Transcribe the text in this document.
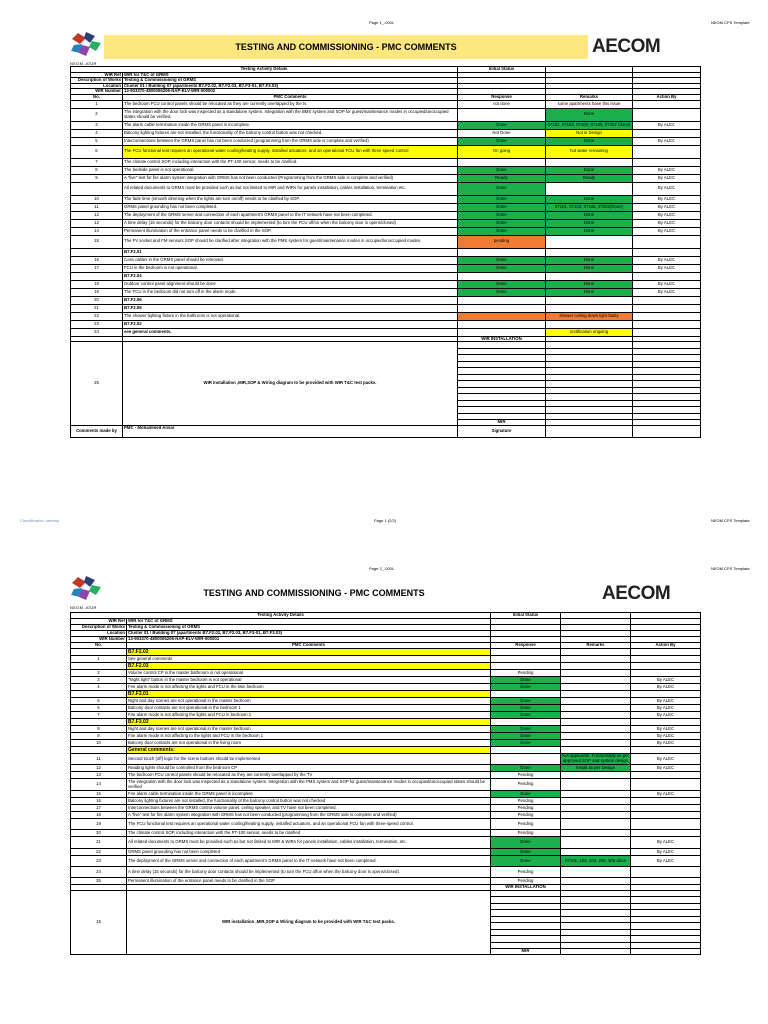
Page 1_-000L	NEOM CPS Template
NEOM JOUR
TESTING AND COMMISSIONING - PMC COMMENTS	AECOM
Testing Activity Details		Initial Status		
WIR Ref	WIR for T&C of GRMS			
Description of Works	Testing & Commissioning of GRMS			
Location	Cluster 01 / Building 07 (apartments B7.F2.02, B7.F2.03, B7.F3-01, B7.F3.03)			
WIR Number	13-903370-4800006206-NAP-ELV-WIR-000002			
No.	PMC Comments	Response	Remarks	Action By
1	The bedroom FCU control panels should be relocated as they are currently overlapped by the tv.	not done	some apartments have this issue	
2	The integration with the door lock was inspected as a standalone system. Integration with the BMS system and SOP for guest/maintenance modes in occupied/unoccupied states should be verified.		Done	
3	The alarm cable termination inside the GRMS panel is incomplete.	Done	07102, 07103, 07104, 07105, 07202 (done)	By ALEC
4	Balcony lighting fixtures are not installed, the functionality of the balcony control button was not checked.	Not Done	Not in Design	
5	Interconnections between the GRMS panel has not been conducted (programming from the GRMS side is complete and verified)	Done	Done	By ALEC
6	The FCU functional test requires an operational water cooling/heating supply, installed actuators, and an operational FCU fan with three speed control	On going	hot water remaining	
7	The climate control SOP, including interaction with the PT-100 sensor, needs to be clarified.			
8	The bedside panel is not operational.	Done	Done	By ALEC
9	A "live" test for fire alarm system integration with GRMS has not been conducted (Programming from the GRMS side is complete and verified)	Ready	Ready	By ALEC
	All related documents to GRMS must be provided such as but not limited to MIR and WIRs for panels installation, cables installation, termination etc.	Done		By ALEC
10	The fade time (smooth dimming when the lights are turn on/off) needs to be clarified by SOP.	Done	Done	By ALEC
11	GRMS panel grounding has not been completed.	Done	07101, 07104, 07105, 07202(Done)	By ALEC
12	The deployment of the GRMS server and connection of each apartment's GRMS panel to the IT network have not been completed.	Done	Done	By ALEC
13	A time delay (15 seconds) for the balcony door contacts should be implemented (to turn the FCU off/on when the balcony door is opens/closed)	Done	Done	By ALEC
14	Permanent illumination of the entrance panel needs to be clarified in the SOP.	Done	Done	By ALEC
15	The FV socket and FM sensors SOP should be clarified after integration with the PMS system for guest/maintenance modes in occupied/unoccupied modes.	pending		
	B7.F2.01			
16	Coss cables in the GRMS panel should be removed.	Done	Done	By ALEC
17	FCU in the bedroom is not operational.	Done	Done	By ALEC
	B7.F2.04			
18	Outdoor control panel alignment should be done	Done	Done	By ALEC
19	The FCU in the bedroom did not turn off in the alarm mode.	Done	Done	By ALEC
20	B7.F2.06			
21	B7.F2.05			
22	The shower lighting fixture in the bathroom is not operational.		shower ceiling down light faulty	
23	B7.F2.02			
24	see general comments.		rectification ongoing	
		WIR INSTALLATION		
25	WIR installation ,MIR,SOP & Wiring diagram to be provided with WIR T&C test packs.			

		MIR		
Comments made by	PMC - Mohammed Ansar	Signature		
Classification: Internal	Page 1 (2/2)	NEOM CPS Template
Page 2_-000L	NEOM CPS Template
NEOM JOUR
TESTING AND COMMISSIONING - PMC COMMENTS	AECOM
Testing Activity Details		Initial Status		
WIR Ref	WIR for T&C of GRMS			
Description of Works	Testing & Commissioning of GRMS			
Location	Cluster 01 / Building 07 (apartments B7.F2.02, B7.F2.03, B7.F3-01, B7.F3.03)			
WIR Number	13-903370-4800006206-NAP-ELV-WIR-000001			
No.	PMC Comments	Response	Remarks	Action By
	B7.F2.02			
1	See general comments			
	B7.F2.03			
2	Volume control CP in the master bathroom is not operational	Pending		
3	"Night light" button in the master bedroom is not operational	Done		By ALEC
4	Fire alarm mode is not affecting the lights and FCU in the twin bedroom	Done		By ALEC
	B7.F3.01			
5	Night and day scenes are not operational in the master bedroom	Done		By ALEC
6	Balcony door contacts are not operational in the bedroom 1	Done		By ALEC
7	Fire alarm mode is not affecting the lights and FCU in bedroom 1	Done		By ALEC
	B7.F3.03			
8	Night and day scenes are not operational in the master bedroom	Done		By ALEC
9	Fire alarm mode is not affecting to the lights and FCU in the bedroom 1	Done		By ALEC
10	Balcony door contacts are not operational in the living room	Done		By ALEC
	General comments:			
11	Second touch (off) logic for the scene buttons should be implemented		Not applicable. Functionality as per approved SOP and system design	By ALEC
12	Reading lights should be controlled from the bedroom CP	Done	Install as per Design	By ALEC
13	The bedroom FCU control panels should be relocated as they are currently overlapped by the TV	Pending		
14	The integration with the door lock was inspected as a standalone system. Integration with the PMS system and SOP for guest/maintenance modes in occupied/unoccupied states should be verified	Pending		
15	Fire alarm cable termination inside the GRMS panel is incomplete	Done		By ALEC
16	Balcony lighting fixtures are not installed, the functionality of the balcony control button was not checked	Pending		
17	Interconnections between the GRMS control volume panel, ceiling speaker, and TV have not been completed.	Pending		
18	A "live" test for fire alarm system integration with GRMS has not been conducted (programming from the GRMS side is complete and verified)	Pending		
19	The FCU functional test requires an operational water cooling/heating supply, installed actuators, and an operational FCU fan with three-speed control.	Pending		
20	The climate control SOP, including interaction with the PT-100 sensor, needs to be clarified	Pending		
21	All related documents to GRMS must be provided such as but not limited to MIR & WIRs for panels installation, cables installation, termination, etc.	Done		By ALEC
22	GRMS panel grounding has not been completed	Done		By ALEC
23	The deployment of the GRMS server and connection of each apartment's GRMS panel to the IT network have not been completed.	Done	07101, 103, 104, 205, 306 done	By ALEC
24	A time delay (15 seconds) for the balcony door contacts should be implemented (to turn the FCU offon when the balcony door is opens/closed).	Pending		
25	Permanent illumination of the entrance panel needs to be clarified in the SOP	Pending		
		WIR INSTALLATION		
15	WIR installation ,MIR,SOP & Wiring diagram to be provided with WIR T&C test packs.			

		MIR		
